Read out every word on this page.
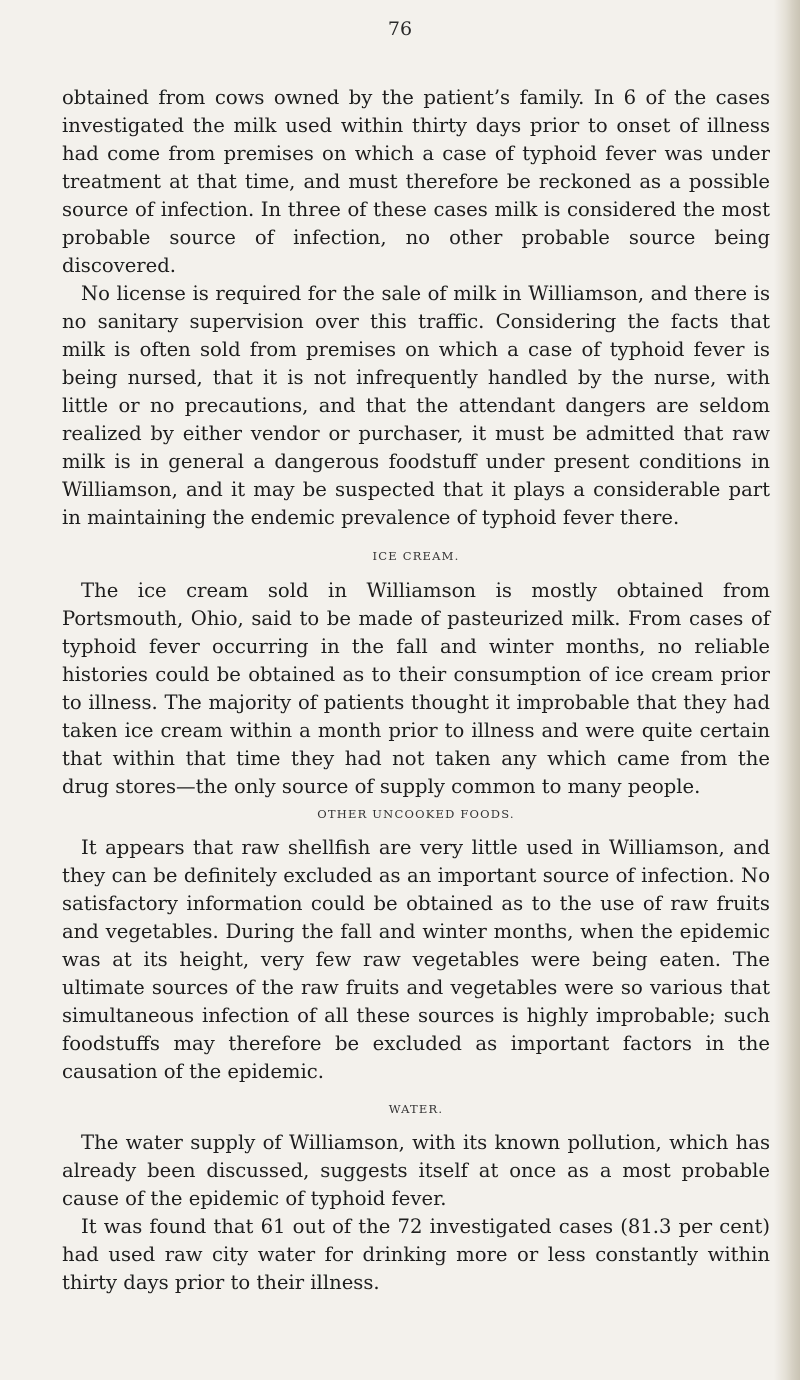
76

obtained from cows owned by the patient’s family. In 6 of the cases investigated the milk used within thirty days prior to onset of illness had come from premises on which a case of typhoid fever was under treatment at that time, and must therefore be reckoned as a possible source of infection. In three of these cases milk is considered the most probable source of infection, no other probable source being discovered.

No license is required for the sale of milk in Williamson, and there is no sanitary supervision over this traffic. Considering the facts that milk is often sold from premises on which a case of typhoid fever is being nursed, that it is not infrequently handled by the nurse, with little or no precautions, and that the attendant dangers are seldom realized by either vendor or purchaser, it must be admitted that raw milk is in general a dangerous foodstuff under present conditions in Williamson, and it may be suspected that it plays a considerable part in maintaining the endemic prevalence of typhoid fever there.

ICE CREAM.

The ice cream sold in Williamson is mostly obtained from Portsmouth, Ohio, said to be made of pasteurized milk. From cases of typhoid fever occurring in the fall and winter months, no reliable histories could be obtained as to their consumption of ice cream prior to illness. The majority of patients thought it improbable that they had taken ice cream within a month prior to illness and were quite certain that within that time they had not taken any which came from the drug stores—the only source of supply common to many people.

OTHER UNCOOKED FOODS.

It appears that raw shellfish are very little used in Williamson, and they can be definitely excluded as an important source of infection. No satisfactory information could be obtained as to the use of raw fruits and vegetables. During the fall and winter months, when the epidemic was at its height, very few raw vegetables were being eaten. The ultimate sources of the raw fruits and vegetables were so various that simultaneous infection of all these sources is highly improbable; such foodstuffs may therefore be excluded as important factors in the causation of the epidemic.

WATER.

The water supply of Williamson, with its known pollution, which has already been discussed, suggests itself at once as a most probable cause of the epidemic of typhoid fever.

It was found that 61 out of the 72 investigated cases (81.3 per cent) had used raw city water for drinking more or less constantly within thirty days prior to their illness.
